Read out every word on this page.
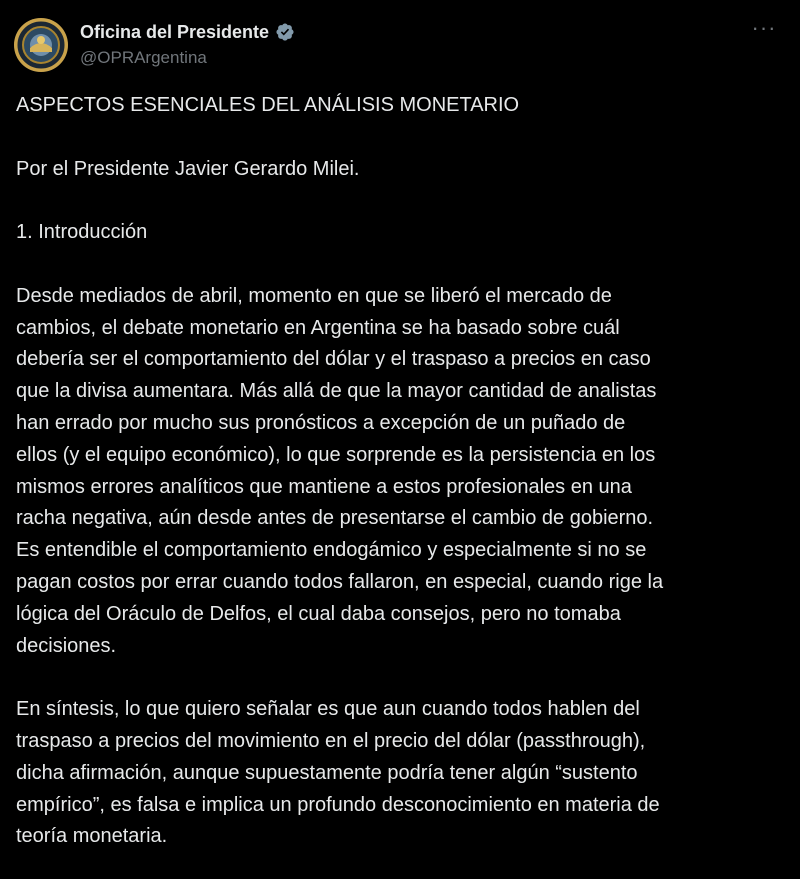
Oficina del Presidente
@OPRArgentina
···

ASPECTOS ESENCIALES DEL ANÁLISIS MONETARIO

Por el Presidente Javier Gerardo Milei.

1. Introducción

Desde mediados de abril, momento en que se liberó el mercado de

cambios, el debate monetario en Argentina se ha basado sobre cuál

debería ser el comportamiento del dólar y el traspaso a precios en caso

que la divisa aumentara. Más allá de que la mayor cantidad de analistas

han errado por mucho sus pronósticos a excepción de un puñado de

ellos (y el equipo económico), lo que sorprende es la persistencia en los

mismos errores analíticos que mantiene a estos profesionales en una

racha negativa, aún desde antes de presentarse el cambio de gobierno.

Es entendible el comportamiento endogámico y especialmente si no se

pagan costos por errar cuando todos fallaron, en especial, cuando rige la

lógica del Oráculo de Delfos, el cual daba consejos, pero no tomaba

decisiones.

En síntesis, lo que quiero señalar es que aun cuando todos hablen del

traspaso a precios del movimiento en el precio del dólar (passthrough),

dicha afirmación, aunque supuestamente podría tener algún “sustento

empírico”, es falsa e implica un profundo desconocimiento en materia de

teoría monetaria.
